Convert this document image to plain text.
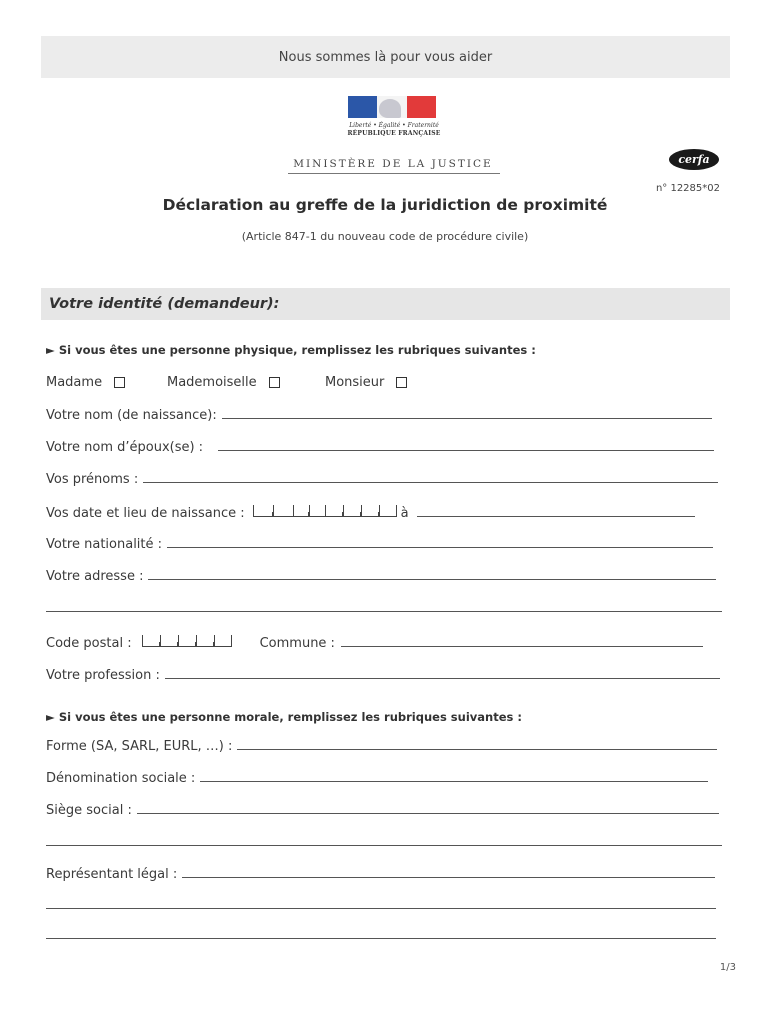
Nous sommes là pour vous aider
Liberté • Égalité • Fraternité
RÉPUBLIQUE FRANÇAISE
MINISTÈRE DE LA JUSTICE	cerfa
n° 12285*02
Déclaration au greffe de la juridiction de proximité
(Article 847-1 du nouveau code de procédure civile)
Votre identité (demandeur):
► Si vous êtes une personne physique, remplissez les rubriques suivantes :
Madame	Mademoiselle	Monsieur
Votre nom (de naissance):
Votre nom d’époux(se) :
Vos prénoms :
Vos date et lieu de naissance :	à
Votre nationalité :
Votre adresse :
Code postal :	Commune :
Votre profession :
► Si vous êtes une personne morale, remplissez les rubriques suivantes :
Forme (SA, SARL, EURL, …) :
Dénomination sociale :
Siège social :
Représentant légal :
1/3
